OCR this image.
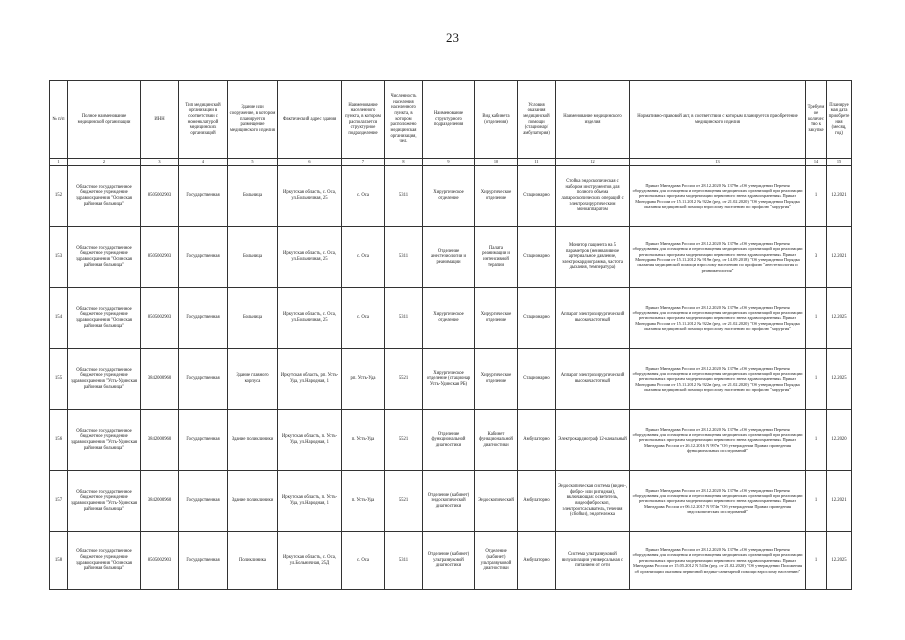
23
№ п/п	Полное наименование медицинской организации	ИНН	Тип медицинской организации в соответствии с номенклатурой медицинских организаций	Здание или сооружение, в котором планируется размещение медицинского изделия	Фактический адрес здания	Наименование населенного пункта, в котором располагается структурное подразделение	Численность населения населенного пункта, в котором расположено медицинская организация, чел.	Наименование структурного подразделения	Вид кабинета (отделения)	Условия оказания медицинской помощи (стационар/амбулатория)	Наименование медицинского изделия	Нормативно-правовой акт, в соответствии с которым планируется приобретение медицинского изделия	Требуемое количество к закупке	Планируемая дата приобретения (месяц, год)
1	2	3	4	5	6	7	8	9	10	11	12	13	14	15
152	Областное государственное бюджетное учреждение здравоохранения "Осинская районная больница"	8505002903	Государственная	Больница	Иркутская область, с. Оса, ул.Больничная, 25	с. Оса	5311	Хирургическое отделение	Хирургическое отделение	Стационарно	Стойка эндоскопическая с набором инструментов для полного объема лапароскопических операций с электрохирургическим моноаппаратом	Приказ Минздрава России от 28.12.2020 № 1379н «Об утверждении Перечня оборудования для оснащения и переоснащения медицинских организаций при реализации региональных программ модернизации первичного звена здравоохранения» Приказ Минздрава России от 15.11.2012 № 922н (ред. от 21.02.2020) "Об утверждении Порядка оказания медицинской помощи взрослому населению по профилю "хирургия"	1	12.2021
153	Областное государственное бюджетное учреждение здравоохранения "Осинская районная больница"	8505002903	Государственная	Больница	Иркутская область, с. Оса, ул.Больничная, 25	с. Оса	5311	Отделение анестезиологии и реанимации	Палата реанимации и интенсивной терапии	Стационарно	Монитор пациента на 5 параметров (неинвазивное артериальное давление, электрокардиограмма, частота дыхания, температура)	Приказ Минздрава России от 28.12.2020 № 1379н «Об утверждении Перечня оборудования для оснащения и переоснащения медицинских организаций при реализации региональных программ модернизации первичного звена здравоохранения» Приказ Минздрава России от 15.11.2012 № 919н (ред. от 14.09.2018) "Об утверждении Порядка оказания медицинской помощи взрослому населению по профилю "анестезиология и реаниматология"	3	12.2021
154	Областное государственное бюджетное учреждение здравоохранения "Осинская районная больница"	8505002903	Государственная	Больница	Иркутская область, с. Оса, ул.Больничная, 25	с. Оса	5311	Хирургическое отделение	Хирургическое отделение	Стационарно	Аппарат электрохирургический высокочастотный	Приказ Минздрава России от 28.12.2020 № 1379н «Об утверждении Перечня оборудования для оснащения и переоснащения медицинских организаций при реализации региональных программ модернизации первичного звена здравоохранения» Приказ Минздрава России от 15.11.2012 № 922н (ред. от 21.02.2020) "Об утверждении Порядка оказания медицинской помощи взрослому населению по профилю "хирургия"	1	12.2025
155	Областное государственное бюджетное учреждение здравоохранения "Усть-Удинская районная больница"	3842000960	Государственная	Здание главного корпуса	Иркутская область, рп. Усть-Уда, ул.Народная, 1	рп. Усть-Уда	5521	Хирургическое отделение (стационар Усть-Удинская РБ)	Хирургическое отделение	Стационарно	Аппарат электрохирургический высокочастотный	Приказ Минздрава России от 28.12.2020 № 1379н «Об утверждении Перечня оборудования для оснащения и переоснащения медицинских организаций при реализации региональных программ модернизации первичного звена здравоохранения» Приказ Минздрава России от 15.11.2012 № 922н (ред. от 21.02.2020) "Об утверждении Порядка оказания медицинской помощи взрослому населению по профилю "хирургия"	1	12.2025
156	Областное государственное бюджетное учреждение здравоохранения "Усть-Удинская районная больница"	3842000960	Государственная	Здание поликлиники	Иркутская область, п. Усть-Уда, ул.Народная, 1	п. Усть-Уда	5521	Отделение функциональной диагностики	Кабинет функциональной диагностики	Амбулаторно	Электрокардиограф 12-канальный	Приказ Минздрава России от 28.12.2020 № 1379н «Об утверждении Перечня оборудования для оснащения и переоснащения медицинских организаций при реализации региональных программ модернизации первичного звена здравоохранения» Приказ Минздрава России от 26.12.2016 N 997н "Об утверждении Правил проведения функциональных исследований"	1	12.2020
157	Областное государственное бюджетное учреждение здравоохранения "Усть-Удинская районная больница"	3842000960	Государственная	Здание поликлиники	Иркутская область, п. Усть-Уда, ул.Народная, 1	п. Усть-Уда	5521	Отделение (кабинет) эндоскопической диагностики	Эндоскопический	Амбулаторно	Эндоскопическая система (видео-, фибро- или ригидная), включающая: осветитель, видеофиброскоп, электроотсасыватель, течения (сбойки), эндотележка	Приказ Минздрава России от 28.12.2020 № 1379н «Об утверждении Перечня оборудования для оснащения и переоснащения медицинских организаций при реализации региональных программ модернизации первичного звена здравоохранения» Приказ Минздрава России от 06.12.2017 N 974н "Об утверждении Правил проведения эндоскопических исследований"	1	12.2021
158	Областное государственное бюджетное учреждение здравоохранения "Осинская районная больница"	8505002903	Государственная	Поликлиника	Иркутская область, с. Оса, ул.Больничная, 25Д	с. Оса	5311	Отделение (кабинет) ультразвуковой диагностики	Отделение (кабинет) ультразвуковой диагностики	Амбулаторно	Система ультразвуковой визуализации универсальная с питанием от сети	Приказ Минздрава России от 28.12.2020 № 1379н «Об утверждении Перечня оборудования для оснащения и переоснащения медицинских организаций при реализации региональных программ модернизации первичного звена здравоохранения» Приказ Минздрава России от 15.05.2012 N 543н (ред. от 21.02.2020) "Об утверждении Положения об организации оказания первичной медико-санитарной помощи взрослому населению"	1	12.2025
